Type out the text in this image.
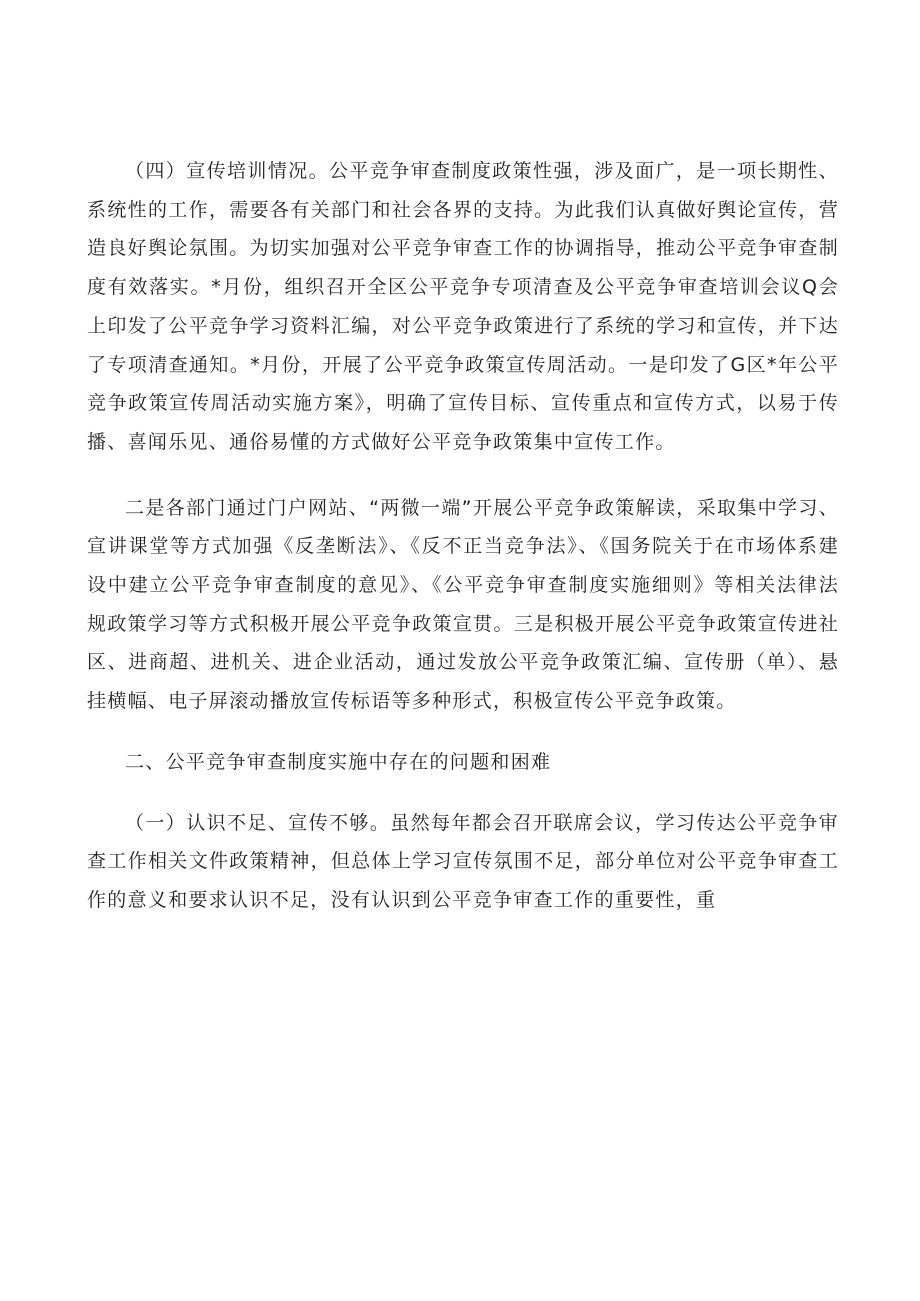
（四）宣传培训情况。公平竞争审查制度政策性强，涉及面广，是一项长期性、系统性的工作，需要各有关部门和社会各界的支持。为此我们认真做好舆论宣传，营造良好舆论氛围。为切实加强对公平竞争审查工作的协调指导，推动公平竞争审查制度有效落实。*月份，组织召开全区公平竞争专项清查及公平竞争审查培训会议Q会上印发了公平竞争学习资料汇编，对公平竞争政策进行了系统的学习和宣传，并下达了专项清查通知。*月份，开展了公平竞争政策宣传周活动。一是印发了G区*年公平竞争政策宣传周活动实施方案》，明确了宣传目标、宣传重点和宣传方式，以易于传播、喜闻乐见、通俗易懂的方式做好公平竞争政策集中宣传工作。

二是各部门通过门户网站、“两微一端”开展公平竞争政策解读，采取集中学习、宣讲课堂等方式加强《反垄断法》、《反不正当竞争法》、《国务院关于在市场体系建设中建立公平竞争审查制度的意见》、《公平竞争审查制度实施细则》等相关法律法规政策学习等方式积极开展公平竞争政策宣贯。三是积极开展公平竞争政策宣传进社区、进商超、进机关、进企业活动，通过发放公平竞争政策汇编、宣传册（单）、悬挂横幅、电子屏滚动播放宣传标语等多种形式，积极宣传公平竞争政策。

二、公平竞争审查制度实施中存在的问题和困难

（一）认识不足、宣传不够。虽然每年都会召开联席会议，学习传达公平竞争审查工作相关文件政策精神，但总体上学习宣传氛围不足，部分单位对公平竞争审查工作的意义和要求认识不足，没有认识到公平竞争审查工作的重要性，重
